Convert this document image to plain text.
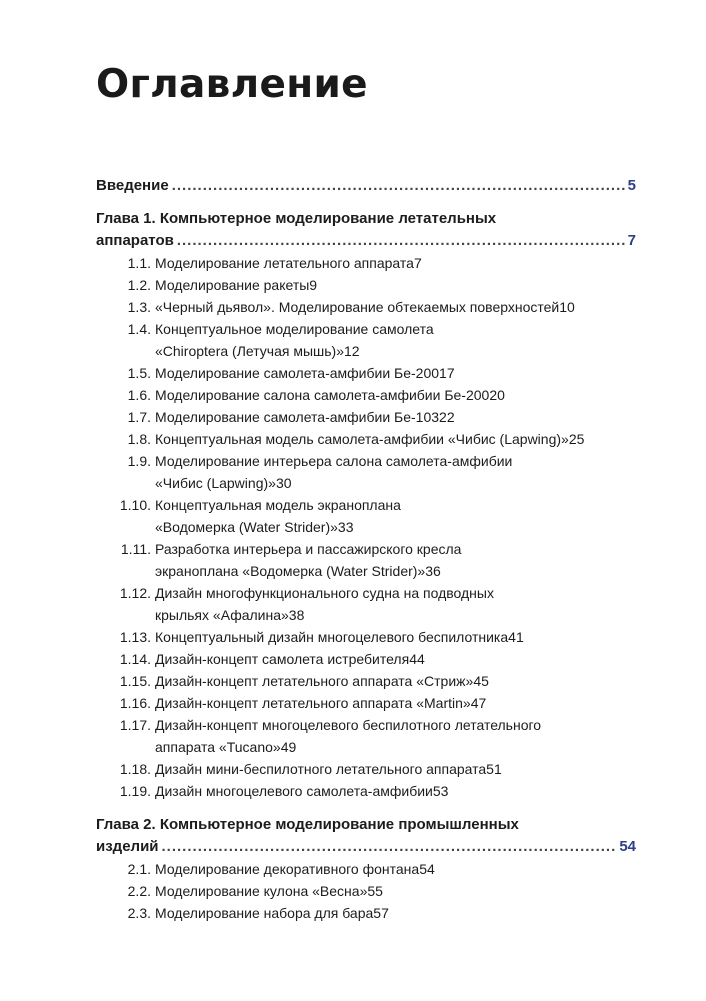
Оглавление
Введение .....	5
Глава 1. Компьютерное моделирование летательных
аппаратов .....	7
1.1. Моделирование летательного аппарата 7
1.2. Моделирование ракеты 9
1.3. «Черный дьявол». Моделирование обтекаемых поверхностей 10
1.4. Концептуальное моделирование самолета
«Chiroptera (Летучая мышь)» 12
1.5. Моделирование самолета-амфибии Бе-200 17
1.6. Моделирование салона самолета-амфибии Бе-200 20
1.7. Моделирование самолета-амфибии Бе-103 22
1.8. Концептуальная модель самолета-амфибии «Чибис (Lapwing)» 25
1.9. Моделирование интерьера салона самолета-амфибии
«Чибис (Lapwing)» 30
1.10. Концептуальная модель экраноплана
«Водомерка (Water Strider)» 33
1.11. Разработка интерьера и пассажирского кресла
экраноплана «Водомерка (Water Strider)» 36
1.12. Дизайн многофункционального судна на подводных
крыльях «Афалина» 38
1.13. Концептуальный дизайн многоцелевого беспилотника 41
1.14. Дизайн-концепт самолета истребителя 44
1.15. Дизайн-концепт летательного аппарата «Стриж» 45
1.16. Дизайн-концепт летательного аппарата «Martin» 47
1.17. Дизайн-концепт многоцелевого беспилотного летательного
аппарата «Tucano» 49
1.18. Дизайн мини-беспилотного летательного аппарата 51
1.19. Дизайн многоцелевого самолета-амфибии 53
Глава 2. Компьютерное моделирование промышленных
изделий .....	54
2.1. Моделирование декоративного фонтана 54
2.2. Моделирование кулона «Весна» 55
2.3. Моделирование набора для бара 57
